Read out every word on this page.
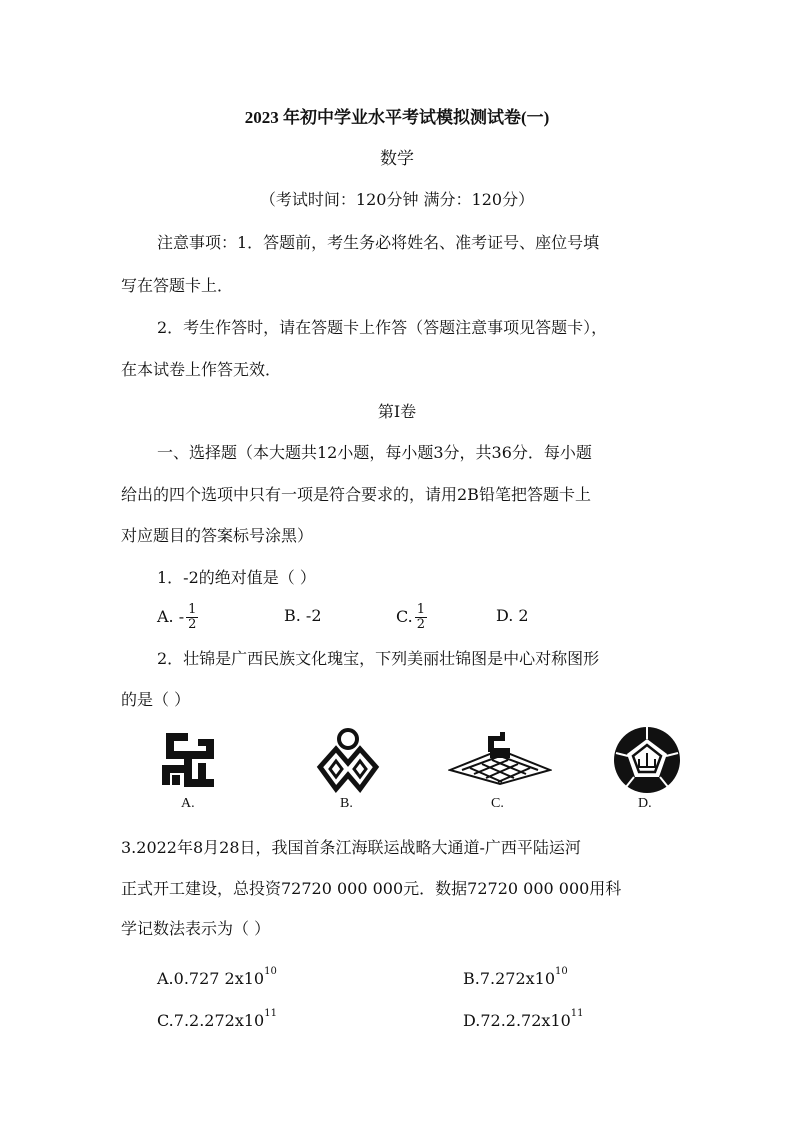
2023 年初中学业水平考试模拟测试卷(一)
数学
（考试时间：120分钟 满分：120分）
注意事项：1．答题前，考生务必将姓名、准考证号、座位号填
写在答题卡上．
2．考生作答时，请在答题卡上作答（答题注意事项见答题卡），
在本试卷上作答无效．
第Ⅰ卷
一、选择题（本大题共12小题，每小题3分，共36分．每小题
给出的四个选项中只有一项是符合要求的，请用2B铅笔把答题卡上
对应题目的答案标号涂黑）
1．-2的绝对值是（ ）
A. - $\frac{1}{2}$	B. -2	C. $\frac{1}{2}$	D. 2
2．壮锦是广西民族文化瑰宝，下列美丽壮锦图是中心对称图形
的是（ ）
A.	B.	C.	D.
3.2022年8月28日，我国首条江海联运战略大通道-广西平陆运河
正式开工建设，总投资72720 000 000元．数据72720 000 000用科
学记数法表示为（ ）
A.0.727 $2x10^{10}$	$B.7.272x10^{10}$
$C.7.2.272x10^{11}$	$D.72.2.72x10^{11}$
